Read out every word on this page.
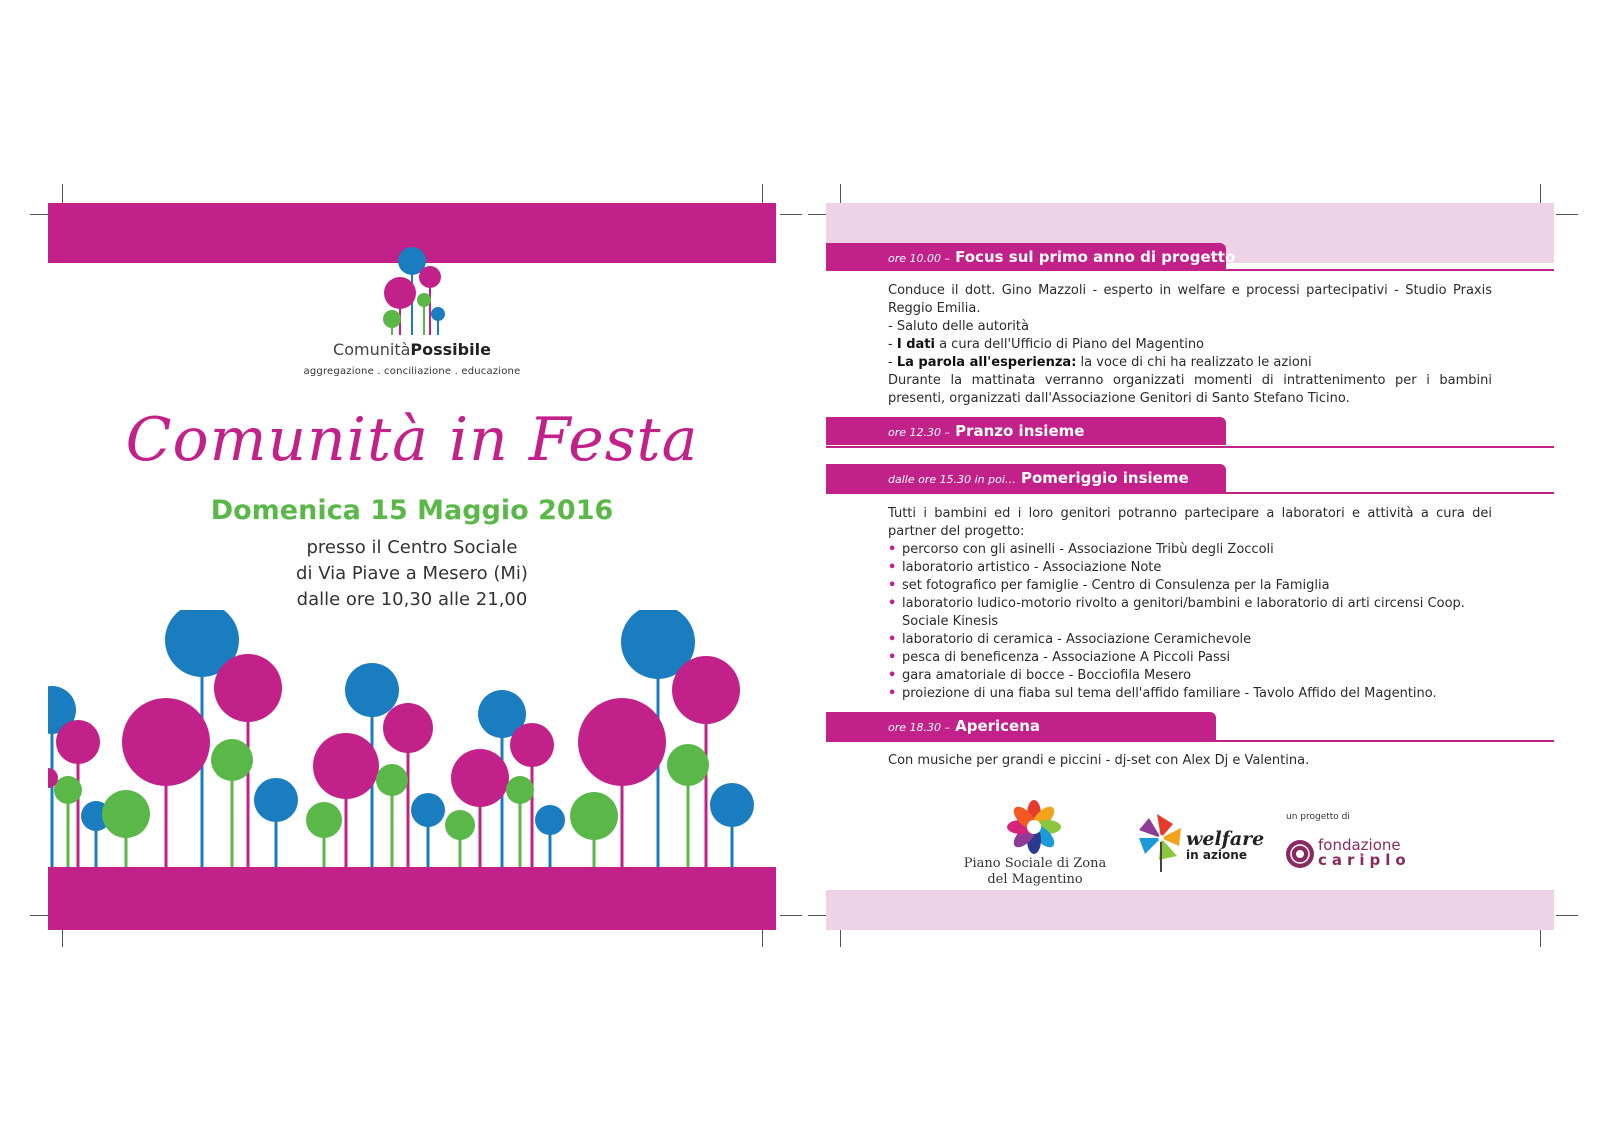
ComunitàPossibile
aggregazione . conciliazione . educazione
Comunità in Festa
Domenica 15 Maggio 2016
presso il Centro Sociale
di Via Piave a Mesero (Mi)
dalle ore 10,30 alle 21,00
ore 10.00 – Focus sul primo anno di progetto

Conduce il dott. Gino Mazzoli - esperto in welfare e processi partecipativi - Studio Praxis Reggio Emilia.

- Saluto delle autorità

- I dati a cura dell'Ufficio di Piano del Magentino

- La parola all'esperienza: la voce di chi ha realizzato le azioni

Durante la mattinata verranno organizzati momenti di intrattenimento per i bambini presenti, organizzati dall'Associazione Genitori di Santo Stefano Ticino.

ore 12.30 – Pranzo insieme
dalle ore 15.30 in poi… Pomeriggio insieme

Tutti i bambini ed i loro genitori potranno partecipare a laboratori e attività a cura dei partner del progetto:

• percorso con gli asinelli - Associazione Tribù degli Zoccoli
• laboratorio artistico - Associazione Note
• set fotografico per famiglie - Centro di Consulenza per la Famiglia
• laboratorio ludico-motorio rivolto a genitori/bambini e laboratorio di arti circensi Coop. Sociale Kinesis
• laboratorio di ceramica - Associazione Ceramichevole
• pesca di beneficenza - Associazione A Piccoli Passi
• gara amatoriale di bocce - Bocciofila Mesero
• proiezione di una fiaba sul tema dell'affido familiare - Tavolo Affido del Magentino.
ore 18.30 – Apericena

Con musiche per grandi e piccini - dj-set con Alex Dj e Valentina.

Piano Sociale di Zona
del Magentino
welfare
in azione
un progetto di
fondazione
cariplo
